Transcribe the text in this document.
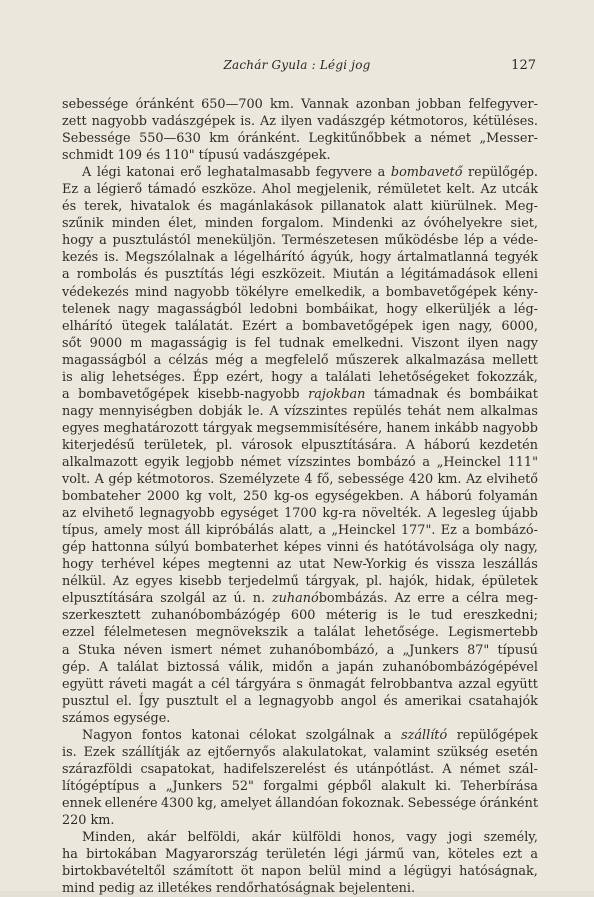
Zachár Gyula : Légi jog	127
sebessége óránként 650—700 km. Vannak azonban jobban felfegyver-
zett nagyobb vadászgépek is. Az ilyen vadászgép kétmotoros, kétüléses.
Sebessége 550—630 km óránként. Legkitűnőbbek a német „Messer-
schmidt 109 és 110" típusú vadászgépek.
A légi katonai erő leghatalmasabb fegyvere a bombavető repülőgép.
Ez a légierő támadó eszköze. Ahol megjelenik, rémületet kelt. Az utcák
és terek, hivatalok és magánlakások pillanatok alatt kiürülnek. Meg-
szűnik minden élet, minden forgalom. Mindenki az óvóhelyekre siet,
hogy a pusztulástól meneküljön. Természetesen működésbe lép a véde-
kezés is. Megszólalnak a légelhárító ágyúk, hogy ártalmatlanná tegyék
a rombolás és pusztítás légi eszközeit. Miután a légitámadások elleni
védekezés mind nagyobb tökélyre emelkedik, a bombavetőgépek kény-
telenek nagy magasságból ledobni bombáikat, hogy elkerüljék a lég-
elhárító ütegek találatát. Ezért a bombavetőgépek igen nagy, 6000,
sőt 9000 m magasságig is fel tudnak emelkedni. Viszont ilyen nagy
magasságból a célzás még a megfelelő műszerek alkalmazása mellett
is alig lehetséges. Épp ezért, hogy a találati lehetőségeket fokozzák,
a bombavetőgépek kisebb-nagyobb rajokban támadnak és bombáikat
nagy mennyiségben dobják le. A vízszintes repülés tehát nem alkalmas
egyes meghatározott tárgyak megsemmisítésére, hanem inkább nagyobb
kiterjedésű területek, pl. városok elpusztítására. A háború kezdetén
alkalmazott egyik legjobb német vízszintes bombázó a „Heinckel 111"
volt. A gép kétmotoros. Személyzete 4 fő, sebessége 420 km. Az elvihető
bombateher 2000 kg volt, 250 kg-os egységekben. A háború folyamán
az elvihető legnagyobb egységet 1700 kg-ra növelték. A legesleg újabb
típus, amely most áll kipróbálás alatt, a „Heinckel 177". Ez a bombázó-
gép hattonna súlyú bombaterhet képes vinni és hatótávolsága oly nagy,
hogy terhével képes megtenni az utat New-Yorkig és vissza leszállás
nélkül. Az egyes kisebb terjedelmű tárgyak, pl. hajók, hidak, épületek
elpusztítására szolgál az ú. n. zuhanóbombázás. Az erre a célra meg-
szerkesztett zuhanóbombázógép 600 méterig is le tud ereszkedni;
ezzel félelmetesen megnövekszik a találat lehetősége. Legismertebb
a Stuka néven ismert német zuhanóbombázó, a „Junkers 87" típusú
gép. A találat biztossá válik, midőn a japán zuhanóbombázógépével
együtt ráveti magát a cél tárgyára s önmagát felrobbantva azzal együtt
pusztul el. Így pusztult el a legnagyobb angol és amerikai csatahajók
számos egysége.
Nagyon fontos katonai célokat szolgálnak a szállító repülőgépek
is. Ezek szállítják az ejtőernyős alakulatokat, valamint szükség esetén
szárazföldi csapatokat, hadifelszerelést és utánpótlást. A német szál-
lítógéptípus a „Junkers 52" forgalmi gépből alakult ki. Teherbírása
ennek ellenére 4300 kg, amelyet állandóan fokoznak. Sebessége óránként
220 km.
Minden, akár belföldi, akár külföldi honos, vagy jogi személy,
ha birtokában Magyarország területén légi jármű van, köteles ezt a
birtokbavételtől számított öt napon belül mind a légügyi hatóságnak,
mind pedig az illetékes rendőrhatóságnak bejelenteni.
